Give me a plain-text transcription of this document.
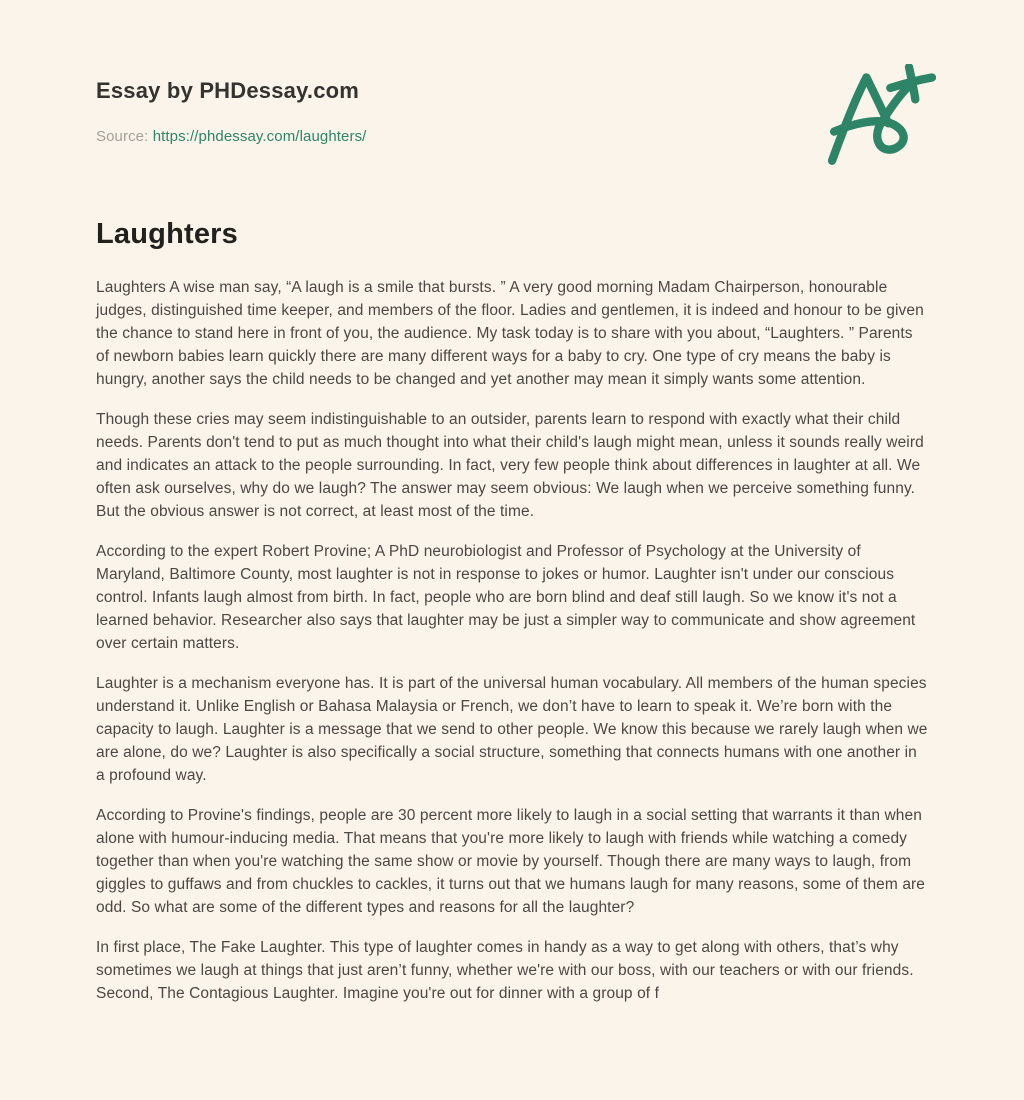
Essay by PHDessay.com
Source: https://phdessay.com/laughters/
Laughters

Laughters A wise man say, “A laugh is a smile that bursts. ” A very good morning Madam Chairperson, honourable judges, distinguished time keeper, and members of the floor. Ladies and gentlemen, it is indeed and honour to be given the chance to stand here in front of you, the audience. My task today is to share with you about, “Laughters. ” Parents of newborn babies learn quickly there are many different ways for a baby to cry. One type of cry means the baby is hungry, another says the child needs to be changed and yet another may mean it simply wants some attention.

Though these cries may seem indistinguishable to an outsider, parents learn to respond with exactly what their child needs. Parents don't tend to put as much thought into what their child's laugh might mean, unless it sounds really weird and indicates an attack to the people surrounding. In fact, very few people think about differences in laughter at all. We often ask ourselves, why do we laugh? The answer may seem obvious: We laugh when we perceive something funny. But the obvious answer is not correct, at least most of the time.

According to the expert Robert Provine; A PhD neurobiologist and Professor of Psychology at the University of Maryland, Baltimore County, most laughter is not in response to jokes or humor. Laughter isn't under our conscious control. Infants laugh almost from birth. In fact, people who are born blind and deaf still laugh. So we know it's not a learned behavior. Researcher also says that laughter may be just a simpler way to communicate and show agreement over certain matters.

Laughter is a mechanism everyone has. It is part of the universal human vocabulary. All members of the human species understand it. Unlike English or Bahasa Malaysia or French, we don’t have to learn to speak it. We’re born with the capacity to laugh. Laughter is a message that we send to other people. We know this because we rarely laugh when we are alone, do we? Laughter is also specifically a social structure, something that connects humans with one another in a profound way.

According to Provine's findings, people are 30 percent more likely to laugh in a social setting that warrants it than when alone with humour-inducing media. That means that you're more likely to laugh with friends while watching a comedy together than when you're watching the same show or movie by yourself. Though there are many ways to laugh, from giggles to guffaws and from chuckles to cackles, it turns out that we humans laugh for many reasons, some of them are odd. So what are some of the different types and reasons for all the laughter?

In first place, The Fake Laughter. This type of laughter comes in handy as a way to get along with others, that’s why sometimes we laugh at things that just aren’t funny, whether we're with our boss, with our teachers or with our friends. Second, The Contagious Laughter. Imagine you're out for dinner with a group of f
